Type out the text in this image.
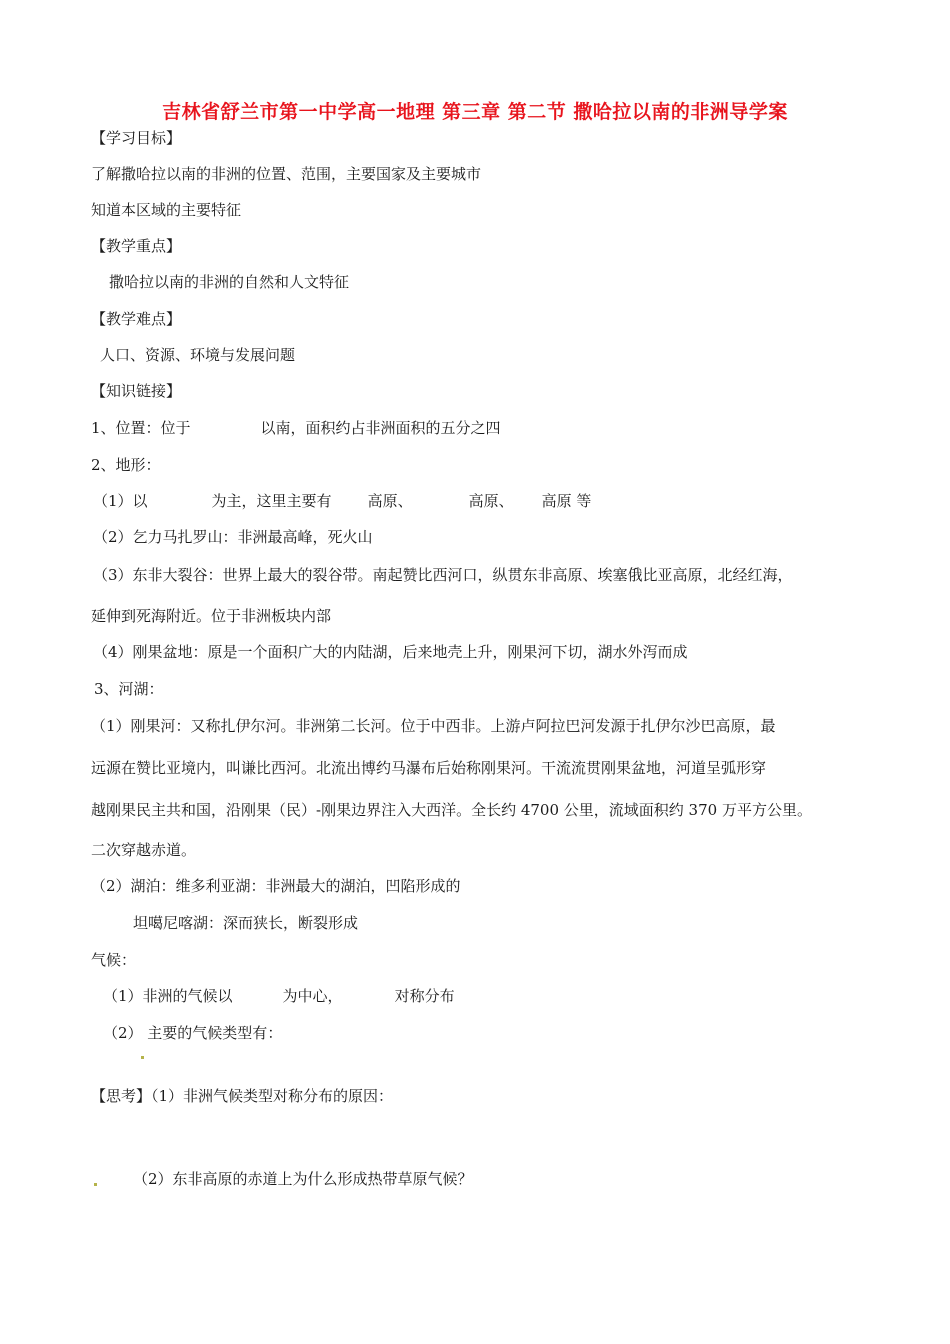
吉林省舒兰市第一中学高一地理 第三章 第二节 撒哈拉以南的非洲导学案
【学习目标】
了解撒哈拉以南的非洲的位置、范围，主要国家及主要城市
知道本区域的主要特征
【教学重点】
撒哈拉以南的非洲的自然和人文特征
【教学难点】
人口、资源、环境与发展问题
【知识链接】
1、位置：位于	以南，面积约占非洲面积的五分之四
2、地形：
（1）以	为主，这里主要有 高原、	高原、 高原 等
（2）乞力马扎罗山：非洲最高峰，死火山
（3）东非大裂谷：世界上最大的裂谷带。南起赞比西河口，纵贯东非高原、埃塞俄比亚高原，北经红海，
延伸到死海附近。位于非洲板块内部
（4）刚果盆地：原是一个面积广大的内陆湖，后来地壳上升，刚果河下切，湖水外泻而成
3、河湖：
（1）刚果河：又称扎伊尔河。非洲第二长河。位于中西非。上游卢阿拉巴河发源于扎伊尔沙巴高原，最
远源在赞比亚境内，叫谦比西河。北流出博约马瀑布后始称刚果河。干流流贯刚果盆地，河道呈弧形穿
越刚果民主共和国，沿刚果（民）-刚果边界注入大西洋。全长约 4700 公里，流域面积约 370 万平方公里。
二次穿越赤道。
（2）湖泊：维多利亚湖：非洲最大的湖泊，凹陷形成的
坦噶尼喀湖：深而狭长，断裂形成
气候：
（1）非洲的气候以	为中心，	对称分布
（2） 主要的气候类型有：
【思考】（1）非洲气候类型对称分布的原因：
（2）东非高原的赤道上为什么形成热带草原气候？
